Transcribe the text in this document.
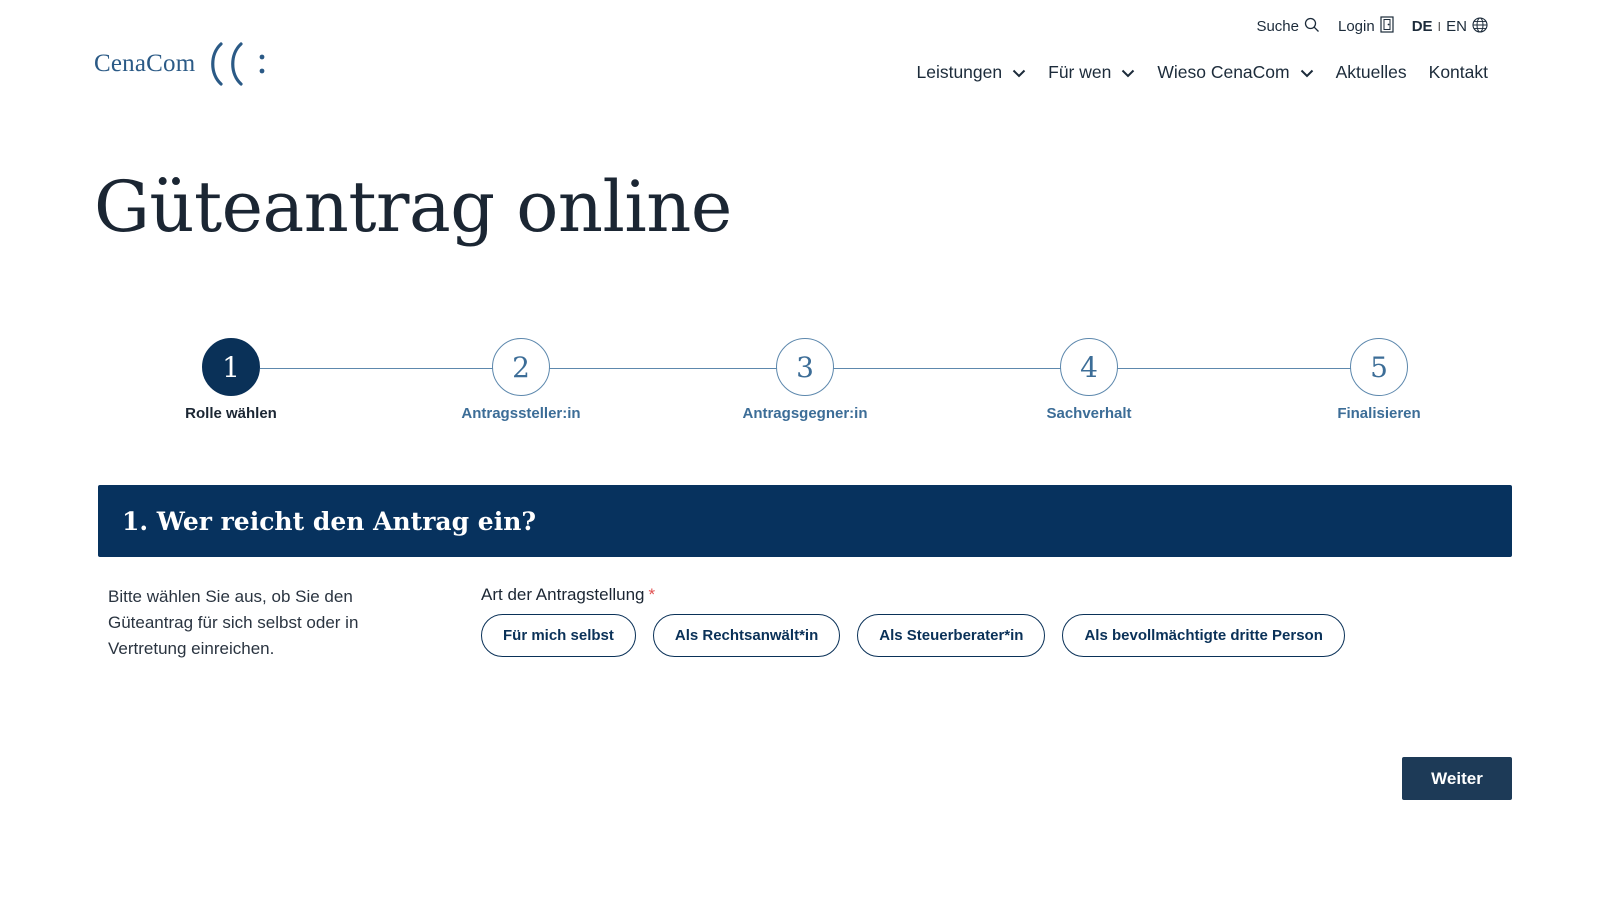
CenaCom
Suche	Login DE I EN
Leistungen	Für wen	Wieso CenaCom	Aktuelles Kontakt
Güteantrag online
1
Rolle wählen
2
Antragssteller:in
3
Antragsgegner:in
4
Sachverhalt
5
Finalisieren
1. Wer reicht den Antrag ein?

Bitte wählen Sie aus, ob Sie den Güteantrag für sich selbst oder in Vertretung einreichen.

Art der Antragstellung *
Für mich selbst	Als Rechtsanwält*in	Als Steuerberater*in	Als bevollmächtigte dritte Person
Weiter
